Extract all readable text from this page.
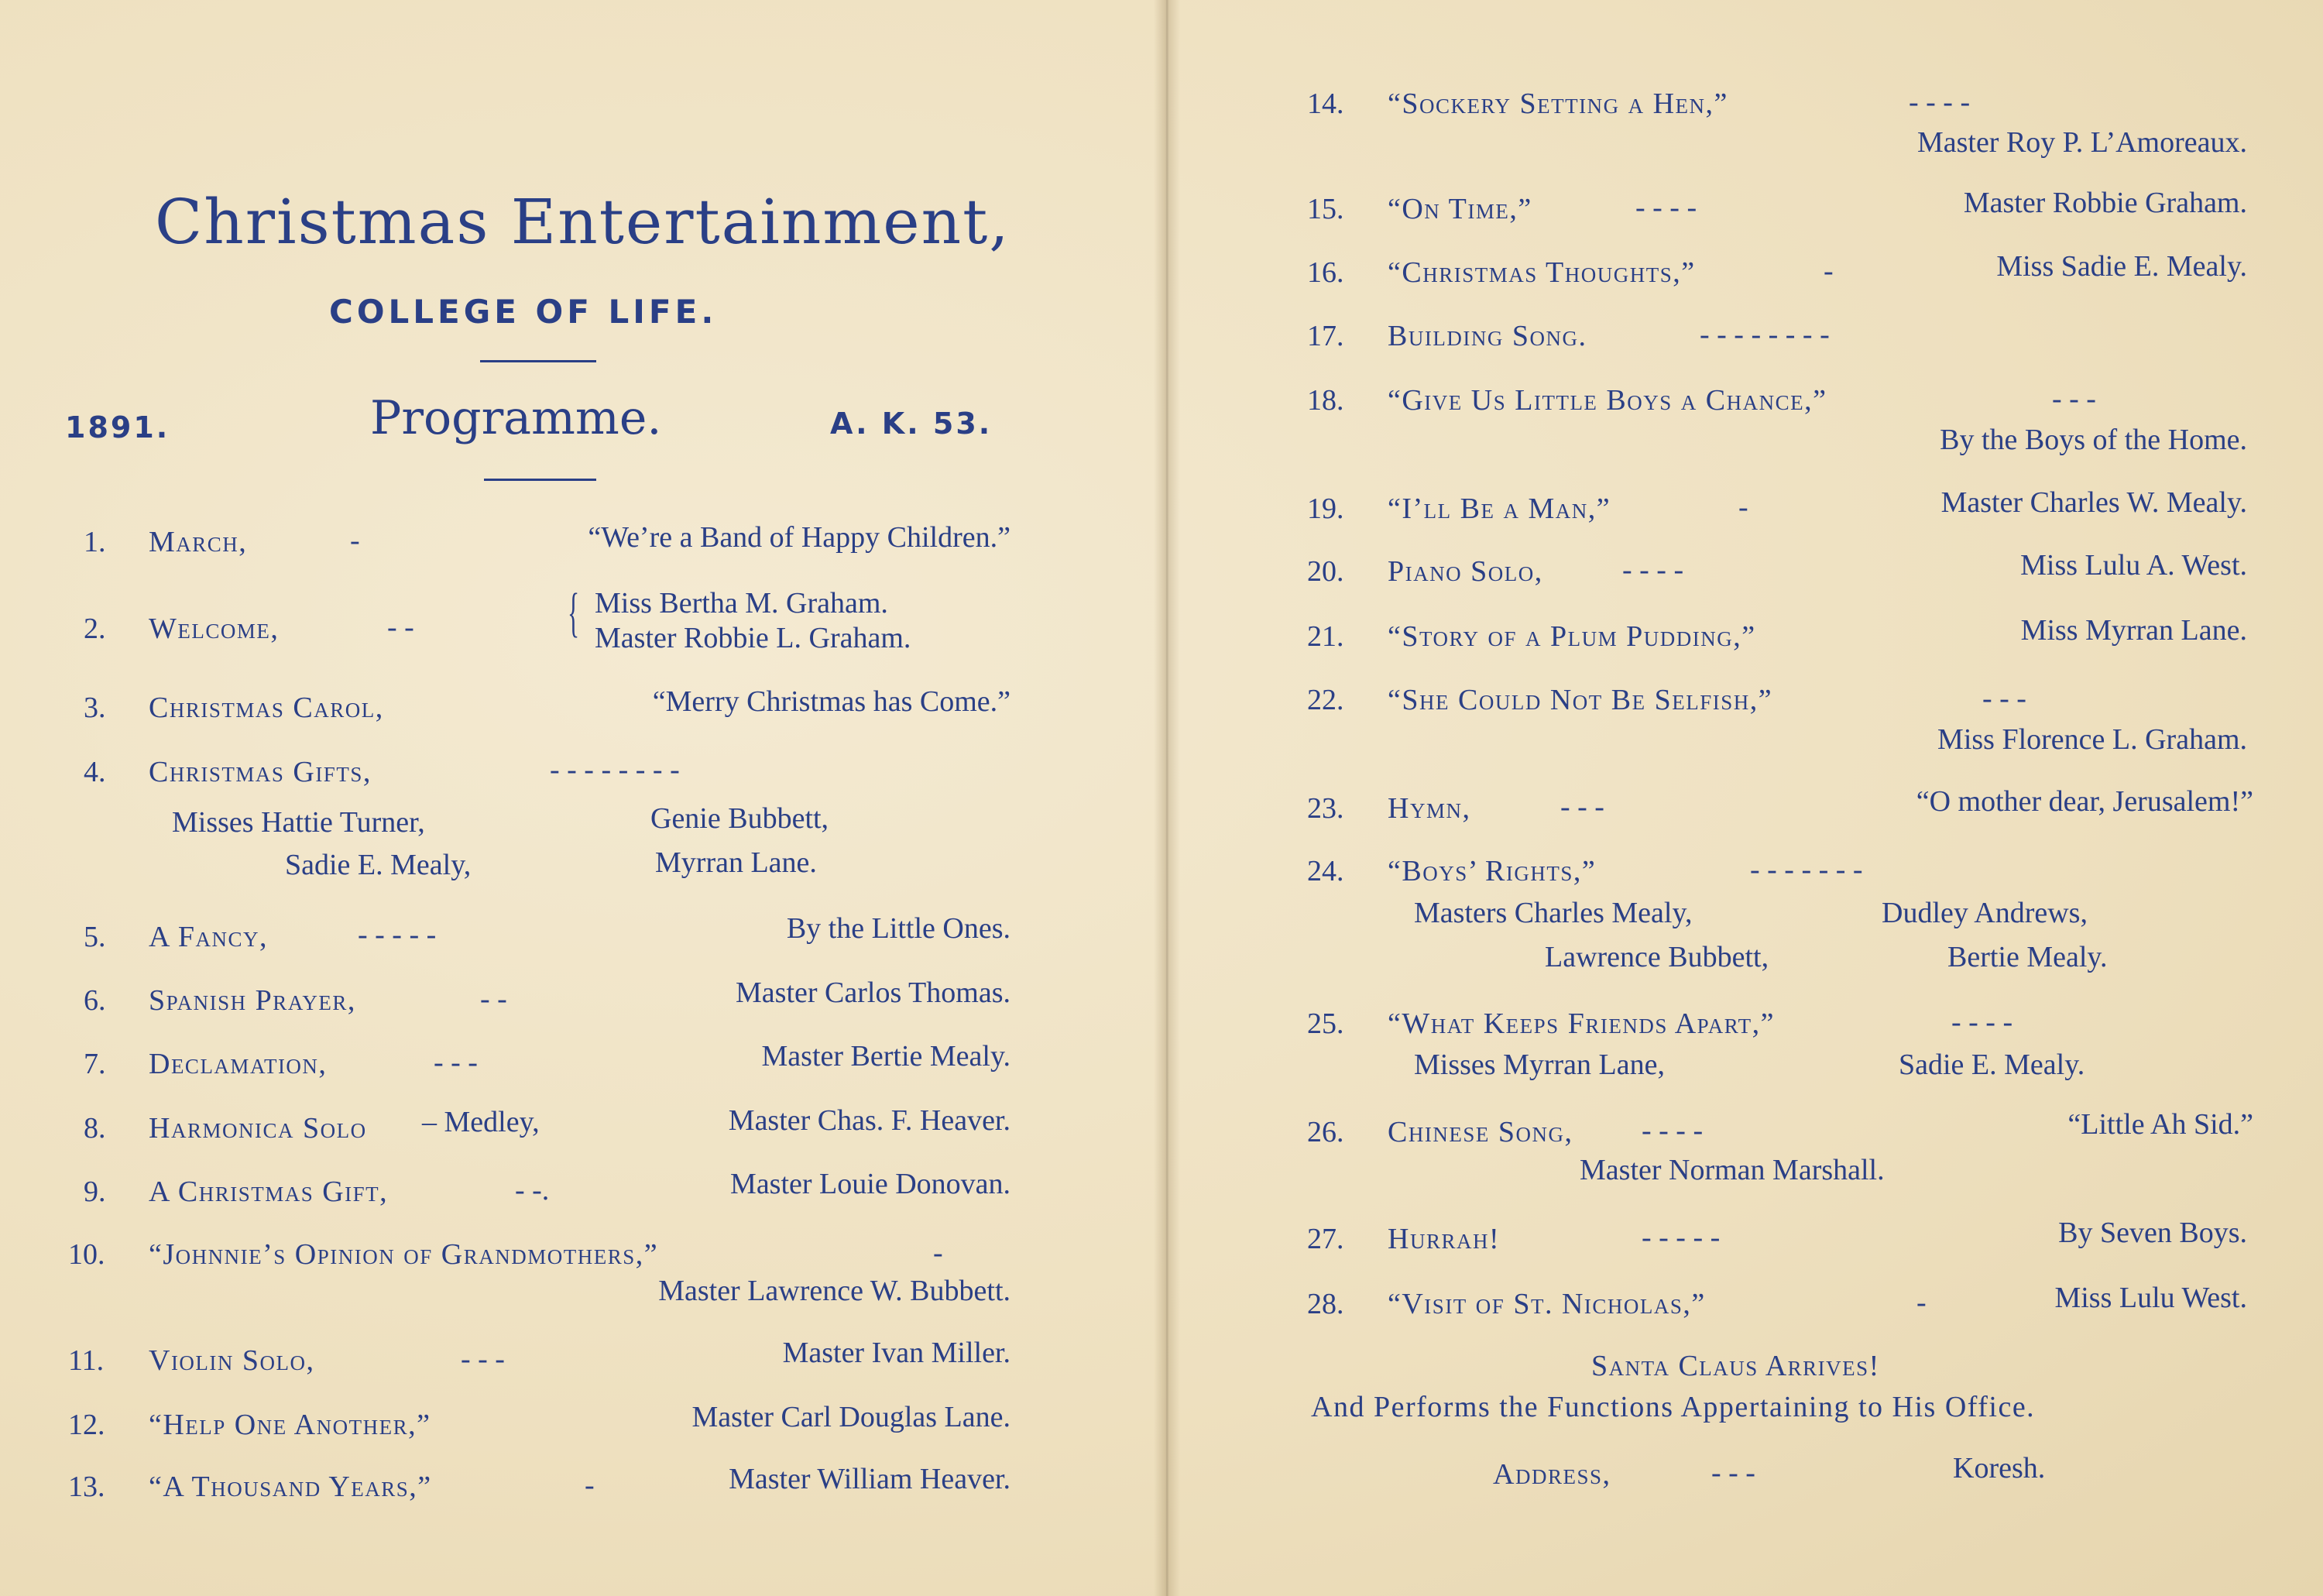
Christmas Entertainment,
COLLEGE OF LIFE.
1891.	Programme.	A. K. 53.
1. March,	-	“We’re a Band of Happy Children.”
2. Welcome,	- -	{ Miss Bertha M. Graham.
Master Robbie L. Graham.
3. Christmas Carol,	“Merry Christmas has Come.”
4. Christmas Gifts,	- - - - - - - -
Misses Hattie Turner,	Genie Bubbett,
Sadie E. Mealy,	Myrran Lane.
5. A Fancy,	- - - - -	By the Little Ones.
6. Spanish Prayer,	- -	Master Carlos Thomas.
7. Declamation,	- - -	Master Bertie Mealy.
8. Harmonica Solo – Medley,	Master Chas. F. Heaver.
9. A Christmas Gift,	- -.	Master Louie Donovan.
10. “Johnnie’s Opinion of Grandmothers,”	-
Master Lawrence W. Bubbett.
11. Violin Solo,	- - -	Master Ivan Miller.
12. “Help One Another,”	Master Carl Douglas Lane.
13. “A Thousand Years,”	-	Master William Heaver.
14. “Sockery Setting a Hen,”	- - - -
Master Roy P. L’Amoreaux.
15. “On Time,”	- - - -	Master Robbie Graham.
16. “Christmas Thoughts,”	-	Miss Sadie E. Mealy.
17. Building Song.	- - - - - - - -
18. “Give Us Little Boys a Chance,”	- - -
By the Boys of the Home.
19. “I’ll Be a Man,”	-	Master Charles W. Mealy.
20. Piano Solo,	- - - -	Miss Lulu A. West.
21. “Story of a Plum Pudding,”	Miss Myrran Lane.
22. “She Could Not Be Selfish,”	- - -
Miss Florence L. Graham.
23. Hymn,	- - -	“O mother dear, Jerusalem!”
24. “Boys’ Rights,”	- - - - - - -
Masters Charles Mealy,	Dudley Andrews,
Lawrence Bubbett,	Bertie Mealy.
25. “What Keeps Friends Apart,”	- - - -
Misses Myrran Lane,	Sadie E. Mealy.
26. Chinese Song, - - - -	“Little Ah Sid.”
Master Norman Marshall.
27. Hurrah!	- - - - -	By Seven Boys.
28. “Visit of St. Nicholas,”	-	Miss Lulu West.
Santa Claus Arrives!
And Performs the Functions Appertaining to His Office.
Address,	- - -	Koresh.
